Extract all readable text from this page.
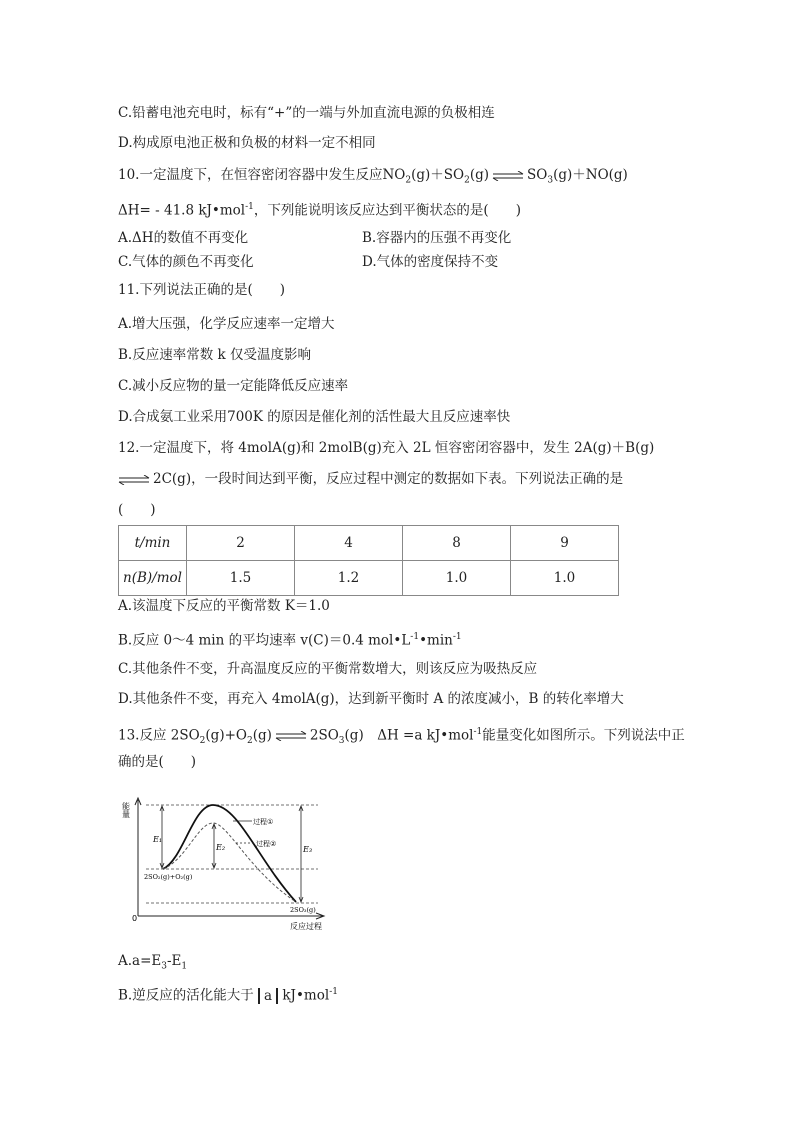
C.铅蓄电池充电时，标有“+”的一端与外加直流电源的负极相连
D.构成原电池正极和负极的材料一定不相同
10.一定温度下，在恒容密闭容器中发生反应$NO_2(g)+SO_2(g)$ ⇌ $SO_3(g)+NO(g)$
ΔH= - 41.8 kJ•mol$^{-1}$，下列能说明该反应达到平衡状态的是(　　)
A.ΔH的数值不再变化	B.容器内的压强不再变化
C.气体的颜色不再变化	D.气体的密度保持不变
11.下列说法正确的是(　　)
A.增大压强，化学反应速率一定增大
B.反应速率常数 k 仅受温度影响
C.减小反应物的量一定能降低反应速率
D.合成氨工业采用700K 的原因是催化剂的活性最大且反应速率快
12.一定温度下，将 4molA(g)和 2molB(g)充入 2L 恒容密闭容器中，发生 2A(g)＋B(g)
⇌ 2C(g)，一段时间达到平衡，反应过程中测定的数据如下表。下列说法正确的是
(　　)
t/min	2	4	8	9
n(B)/mol	1.5	1.2	1.0	1.0
A.该温度下反应的平衡常数 K＝1.0
B.反应 0～4 min 的平均速率 v(C)＝0.4 $mol•L^{-1}•\min^{-1}$
C.其他条件不变，升高温度反应的平衡常数增大，则该反应为吸热反应
D.其他条件不变，再充入 4molA(g)，达到新平衡时 A 的浓度减小，B 的转化率增大
13.反应 $2SO_2(g)+O_2(g)$ ⇌ $2SO_3(g)$　ΔH =a kJ•mol$^{-1}$能量变化如图所示。下列说法中正
确的是(　　)
能量
反应过程
0
E₁
E₂	E₃
过程①
过程②
2SO₂(g)+O₂(g)
2SO₃(g)
$A.a=E_3-E_1$
B.逆反应的活化能大于 a kJ•mol$^{-1}$
